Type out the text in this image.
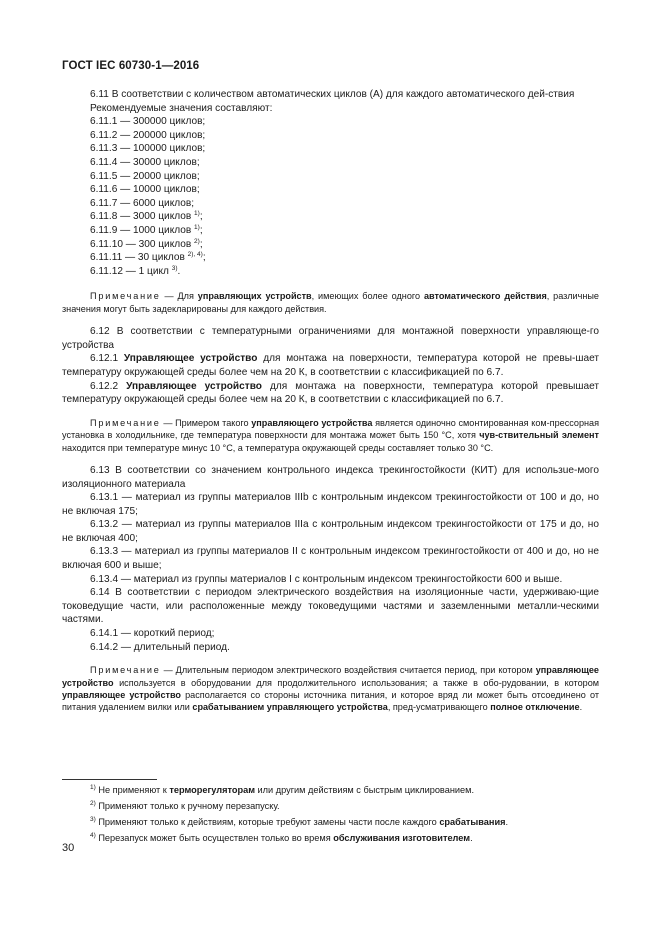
ГОСТ IEC 60730-1—2016

6.11 В соответствии с количеством автоматических циклов (А) для каждого автоматического дей-ствия

Рекомендуемые значения составляют:

6.11.1 — 300000 циклов;

6.11.2 — 200000 циклов;

6.11.3 — 100000 циклов;

6.11.4 — 30000 циклов;

6.11.5 — 20000 циклов;

6.11.6 — 10000 циклов;

6.11.7 — 6000 циклов;

6.11.8 — 3000 циклов $^{1)}$;

6.11.9 — 1000 циклов $^{1)}$;

6.11.10 — 300 циклов $^{2)}$;

6.11.11 — 30 циклов $^{2), 4)}$;

6.11.12 — 1 цикл $^{3)}$.

Примечание — Для управляющих устройств, имеющих более одного автоматического действия, различные значения могут быть задекларированы для каждого действия.

6.12 В соответствии с температурными ограничениями для монтажной поверхности управляюще-го устройства

6.12.1 Управляющее устройство для монтажа на поверхности, температура которой не превы-шает температуру окружающей среды более чем на 20 К, в соответствии с классификацией по 6.7.

6.12.2 Управляющее устройство для монтажа на поверхности, температура которой превышает температуру окружающей среды более чем на 20 К, в соответствии с классификацией по 6.7.

Примечание — Примером такого управляющего устройства является одиночно смонтированная ком-прессорная установка в холодильнике, где температура поверхности для монтажа может быть 150 °С, хотя чув-ствительный элемент находится при температуре минус 10 °С, а температура окружающей среды составляет только 30 °С.

6.13 В соответствии со значением контрольного индекса трекингостойкости (КИТ) для использue-мого изоляционного материала

6.13.1 — материал из группы материалов IIIb с контрольным индексом трекингостойкости от 100 и до, но не включая 175;

6.13.2 — материал из группы материалов IIIa с контрольным индексом трекингостойкости от 175 и до, но не включая 400;

6.13.3 — материал из группы материалов II с контрольным индексом трекингостойкости от 400 и до, но не включая 600 и выше;

6.13.4 — материал из группы материалов I с контрольным индексом трекингостойкости 600 и выше.

6.14 В соответствии с периодом электрического воздействия на изоляционные части, удерживаю-щие токоведущие части, или расположенные между токоведущими частями и заземленными металли-ческими частями.

6.14.1 — короткий период;

6.14.2 — длительный период.

Примечание — Длительным периодом электрического воздействия считается период, при котором управляющее устройство используется в оборудовании для продолжительного использования; а также в обо-рудовании, в котором управляющее устройство располагается со стороны источника питания, и которое вряд ли может быть отсоединено от питания удалением вилки или срабатыванием управляющего устройства, пред-усматривающего полное отключение.

$^{1)}$ Не применяют к терморегуляторам или другим действиям с быстрым циклированием.
$^{2)}$ Применяют только к ручному перезапуску.
$^{3)}$ Применяют только к действиям, которые требуют замены части после каждого срабатывания.
$^{4)}$ Перезапуск может быть осуществлен только во время обслуживания изготовителем.
30
